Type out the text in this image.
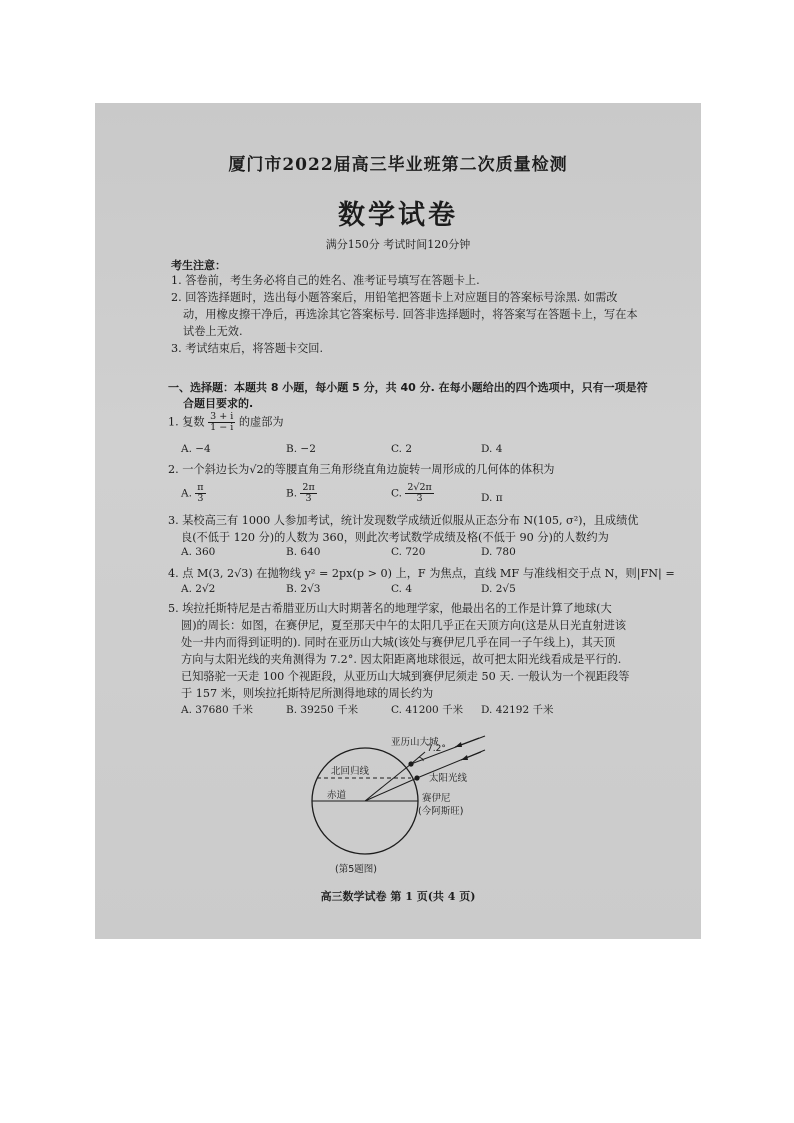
厦门市2022届高三毕业班第二次质量检测
数学试卷
满分150分 考试时间120分钟
考生注意：
1. 答卷前，考生务必将自己的姓名、准考证号填写在答题卡上.
2. 回答选择题时，选出每小题答案后，用铅笔把答题卡上对应题目的答案标号涂黑. 如需改
动，用橡皮擦干净后，再选涂其它答案标号. 回答非选择题时，将答案写在答题卡上，写在本
试卷上无效.
3. 考试结束后，将答题卡交回.
一、选择题：本题共 8 小题，每小题 5 分，共 40 分. 在每小题给出的四个选项中，只有一项是符
合题目要求的.
1. 复数 $\frac{3 + i}{1 - i}$ 的虚部为
A. −4	B. −2	C. 2	D. 4
2. 一个斜边长为√2的等腰直角三角形绕直角边旋转一周形成的几何体的体积为
A. $\frac{\pi}{3}$	B. $\frac{2\pi}{3}$	C. $\frac{2√2\pi}{3}$	D. π
3. 某校高三有 1000 人参加考试，统计发现数学成绩近似服从正态分布 N(105, σ²)，且成绩优
良(不低于 120 分)的人数为 360，则此次考试数学成绩及格(不低于 90 分)的人数约为
A. 360	B. 640	C. 720	D. 780
4. 点 M(3, 2√3) 在抛物线 y² = 2px(p > 0) 上，F 为焦点，直线 MF 与准线相交于点 N，则|FN| =
A. 2√2	B. 2√3	C. 4	D. 2√5
5. 埃拉托斯特尼是古希腊亚历山大时期著名的地理学家，他最出名的工作是计算了地球(大
圆)的周长：如图，在赛伊尼，夏至那天中午的太阳几乎正在天顶方向(这是从日光直射进该
处一井内而得到证明的). 同时在亚历山大城(该处与赛伊尼几乎在同一子午线上)，其天顶
方向与太阳光线的夹角测得为 7.2°. 因太阳距离地球很远，故可把太阳光线看成是平行的.
已知骆驼一天走 100 个视距段，从亚历山大城到赛伊尼须走 50 天. 一般认为一个视距段等
于 157 米，则埃拉托斯特尼所测得地球的周长约为
A. 37680 千米	B. 39250 千米	C. 41200 千米 D. 42192 千米
亚历山大城
7.2°
北回归线
太阳光线
赤道	赛伊尼
(今阿斯旺)
(第5题图)
高三数学试卷 第 1 页(共 4 页)
